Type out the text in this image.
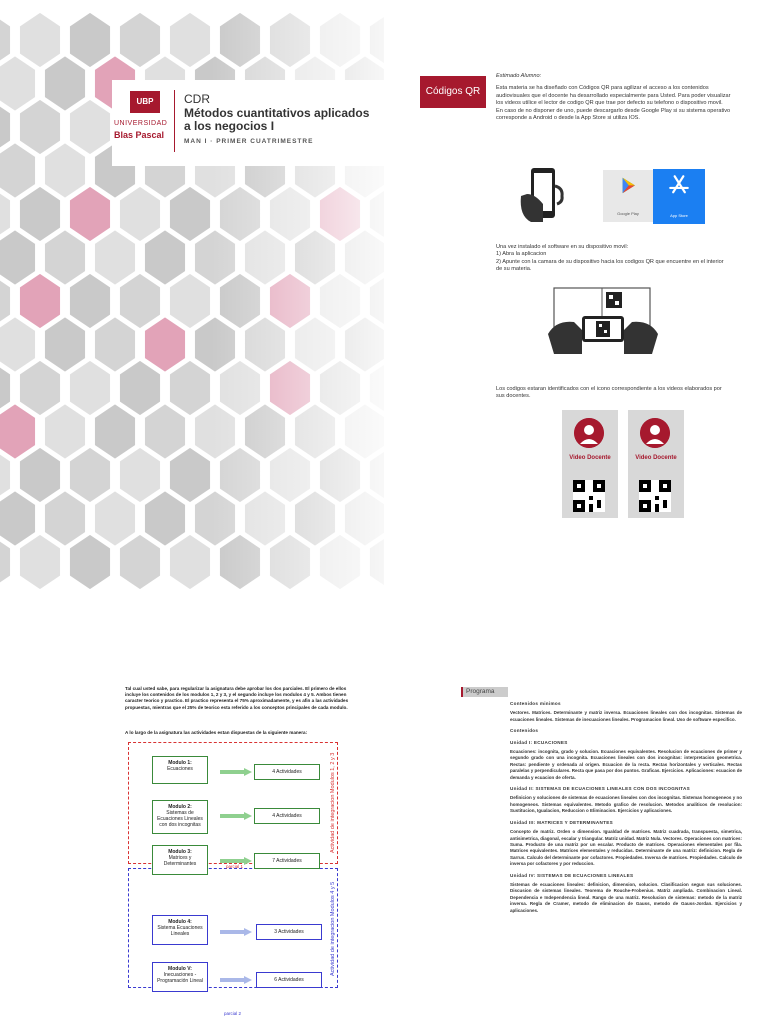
UBP
UNIVERSIDAD
Blas Pascal
CDR
Métodos cuantitativos aplicados a los negocios I
MAN I · PRIMER CUATRIMESTRE
Códigos QR
Estimado Alumno:
Esta materia se ha diseñado con Códigos QR para agilizar el acceso a los contenidos audiovisuales que el docente ha desarrollado especialmente para Usted. Para poder visualizar los videos utilice el lector de codigo QR que trae por defecto su telefono o dispositivo movil. En caso de no disponer de uno, puede descargarlo desde Google Play si su sistema operativo corresponde a Android o desde la App Store si utiliza IOS.
Google Play	App Store
Una vez instalado el software en su dispositivo movil:
1) Abra la aplicacion
2) Apunte con la camara de su dispositivo hacia los codigos QR que encuentre en el interior de su materia.
Los codigos estaran identificados con el icono correspondiente a los videos elaborados por sus docentes.
Video Docente	Video Docente
Tal cual usted sabe, para regularizar la asignatura debe aprobar los dos parciales. El primero de ellos incluye los contenidos de los modulos 1, 2 y 3, y el segundo incluye los modulos 4 y 5. Ambos tienen caracter teorico y practico. El practico representa el 75% aproximadamente, y es afin a las actividades propuestas, mientras que el 25% de teorico esta referido a los conceptos principales de cada modulo.
A lo largo de la asignatura las actividades estan dispuestas de la siguiente manera:
Modulo 1:
Ecuaciones	4 Actividades
Modulo 2:
Sistemas de Ecuaciones Lineales con dos incognitas
4 Actividades
Modulo 3:
Matrices y Determinantes	7 Actividades
Modulo 4:
Sistema Ecuaciones Lineales	3 Actividades
Modulo V:
Inecuaciones - Programación Lineal	6 Actividades
Actividad de integracion Modulos 1, 2 y 3
Actividad de integracion Modulos 4 y 5
parcial 1
parcial 2
Programa
Contenidos minimos

Vectores. Matrices. Determinante y matriz inversa. Ecuaciones lineales con dos incognitas. Sistemas de ecuaciones lineales. Sistemas de inecuaciones lineales. Programacion lineal. Uso de software especifico.

Contenidos
Unidad I: ECUACIONES

Ecuaciones: incognita, grado y solucion. Ecuaciones equivalentes. Resolucion de ecuaciones de primer y segundo grado con una incognita. Ecuaciones lineales con dos incognitas: interpretacion geometrica. Rectas: pendiente y ordenada al origen. Ecuacion de la recta. Rectas horizontales y verticales. Rectas paralelas y perpendiculares. Recta que pasa por dos puntos. Graficas. Ejercicios. Aplicaciones: ecuacion de demanda y ecuacion de oferta.

Unidad II: SISTEMAS DE ECUACIONES LINEALES CON DOS INCOGNITAS

Definicion y soluciones de sistemas de ecuaciones lineales con dos incognitas. Sistemas homogeneos y no homogeneos. Sistemas equivalentes. Metodo grafico de resolucion. Metodos analiticos de resolucion: Sustitucion, Igualacion, Reduccion o Eliminacion. Ejercicios y aplicaciones.

Unidad III: MATRICES Y DETERMINANTES

Concepto de matriz. Orden o dimension. Igualdad de matrices. Matriz cuadrada, transpuesta, simetrica, antisimetrica, diagonal, escalar y triangular. Matriz unidad. Matriz Nula. Vectores. Operaciones con matrices: Suma. Producto de una matriz por un escalar. Producto de matrices. Operaciones elementales por fila. Matrices equivalentes. Matrices elementales y reducidas. Determinante de una matriz: definicion. Regla de Sarrus. Calculo del determinante por cofactores. Propiedades. Inversa de matrices. Propiedades. Calculo de inversa por cofactores y por reduccion.

Unidad IV: SISTEMAS DE ECUACIONES LINEALES

Sistemas de ecuaciones lineales: definicion, dimension, solucion. Clasificacion segun sus soluciones. Discusion de sistemas lineales. Teorema de Rouche-Frobenius. Matriz ampliada. Combinacion Lineal. Dependencia e Independencia lineal. Rango de una matriz. Resolucion de sistemas: metodo de la matriz inversa. Regla de Cramer, metodo de eliminacion de Gauss, metodo de Gauss-Jordan. Ejercicios y aplicaciones.
